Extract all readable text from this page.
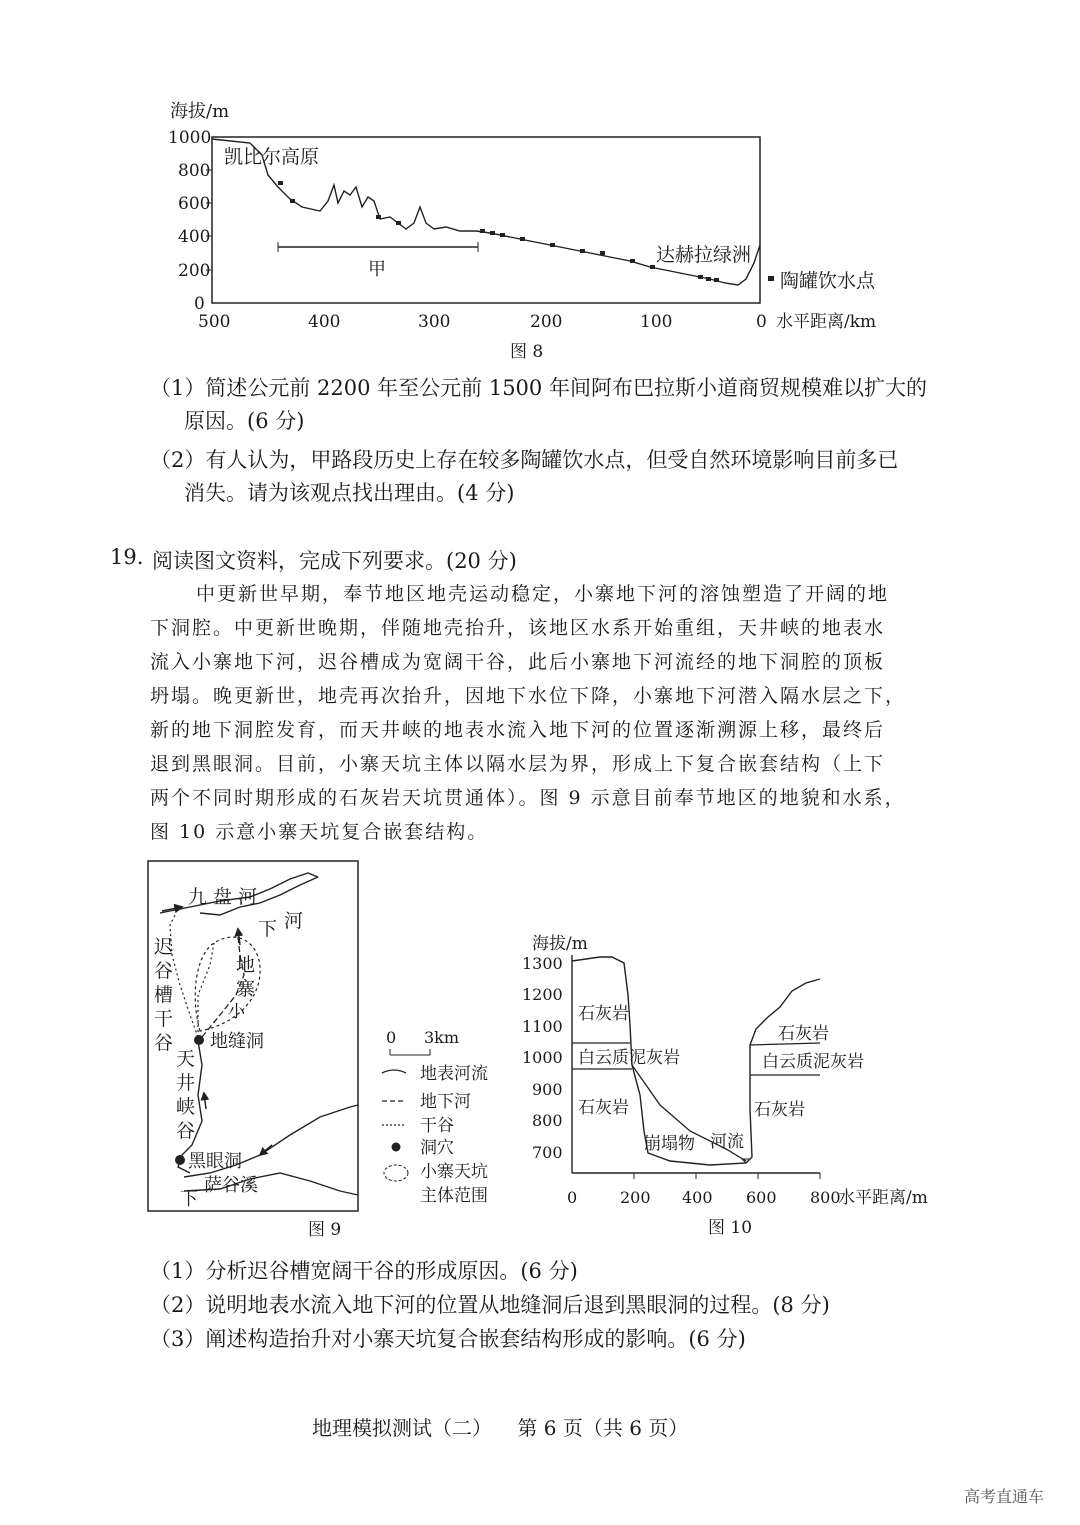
海拔/m
1000
800
600
400
200
0
500	400	300	200	100	0 水平距离/km
甲
凯比尔高原
达赫拉绿洲
陶罐饮水点
图 8
（1）简述公元前 2200 年至公元前 1500 年间阿布巴拉斯小道商贸规模难以扩大的
原因。(6 分)
（2）有人认为，甲路段历史上存在较多陶罐饮水点，但受自然环境影响目前多已
消失。请为该观点找出理由。(4 分)
19. 阅读图文资料，完成下列要求。(20 分)
中更新世早期，奉节地区地壳运动稳定，小寨地下河的溶蚀塑造了开阔的地
下洞腔。中更新世晚期，伴随地壳抬升，该地区水系开始重组，天井峡的地表水
流入小寨地下河，迟谷槽成为宽阔干谷，此后小寨地下河流经的地下洞腔的顶板
坍塌。晚更新世，地壳再次抬升，因地下水位下降，小寨地下河潜入隔水层之下，
新的地下洞腔发育，而天井峡的地表水流入地下河的位置逐渐溯源上移，最终后
退到黑眼洞。目前，小寨天坑主体以隔水层为界，形成上下复合嵌套结构（上下
两个不同时期形成的石灰岩天坑贯通体）。图 9 示意目前奉节地区的地貌和水系，
图 10 示意小寨天坑复合嵌套结构。
九 盘 河
下 河
迟谷槽干谷
地寨
小
地缝洞
天井峡谷
黑眼洞
下
萨谷溪
0 3km
地表河流
地下河
干谷
洞穴
小寨天坑
主体范围
图 9
海拔/m
1300
1200
1100
1000
900
800
700
0	200 400 600 800
水平距离/m
石灰岩
白云质泥灰岩
石灰岩
崩塌物 河流
石灰岩
白云质泥灰岩
石灰岩
图 10
（1）分析迟谷槽宽阔干谷的形成原因。(6 分)
（2）说明地表水流入地下河的位置从地缝洞后退到黑眼洞的过程。(8 分)
（3）阐述构造抬升对小寨天坑复合嵌套结构形成的影响。(6 分)
地理模拟测试（二）    第 6 页（共 6 页）
高考直通车
